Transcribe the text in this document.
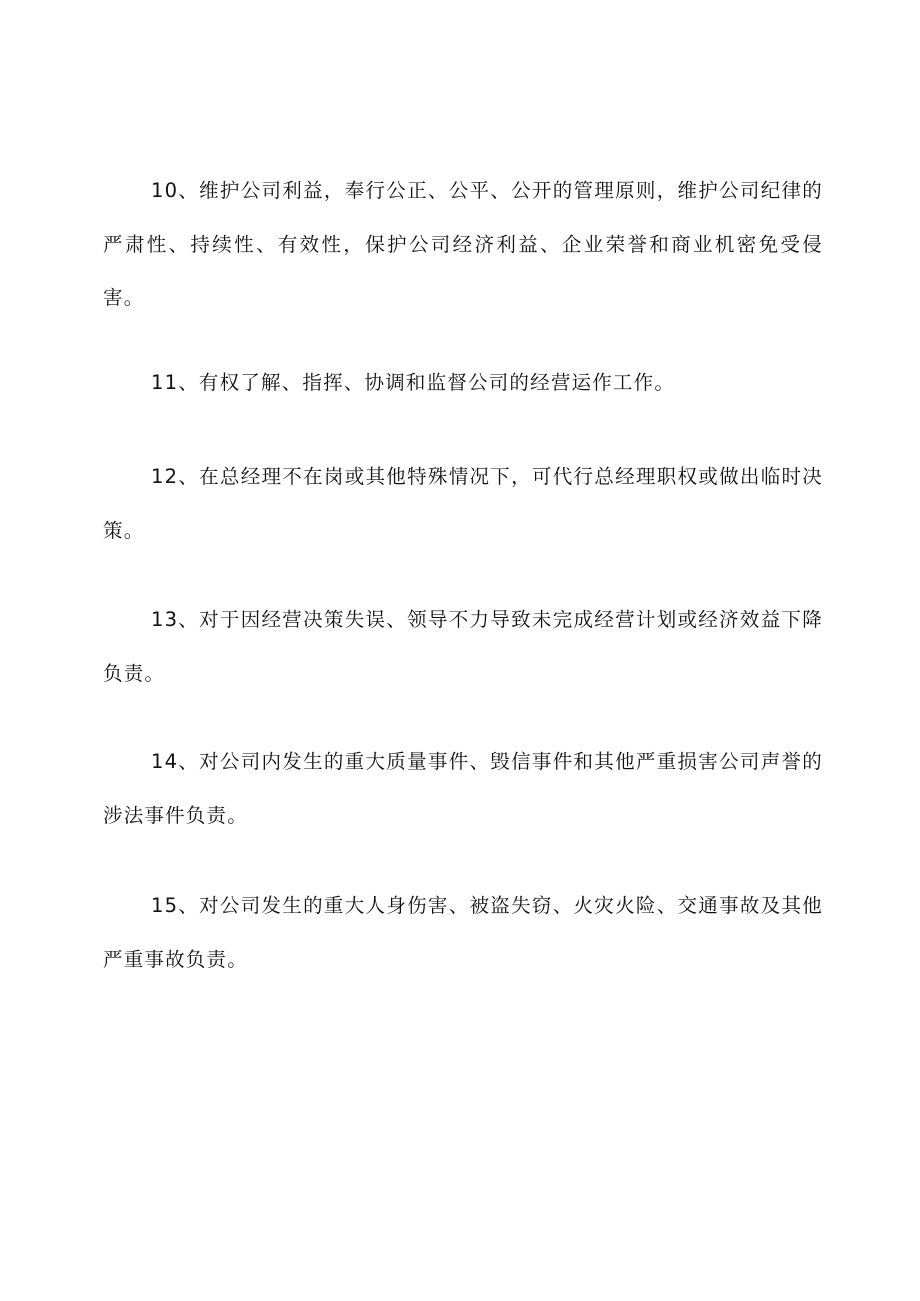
10、维护公司利益，奉行公正、公平、公开的管理原则，维护公司纪律的严肃性、持续性、有效性，保护公司经济利益、企业荣誉和商业机密免受侵害。

11、有权了解、指挥、协调和监督公司的经营运作工作。

12、在总经理不在岗或其他特殊情况下，可代行总经理职权或做出临时决策。

13、对于因经营决策失误、领导不力导致未完成经营计划或经济效益下降负责。

14、对公司内发生的重大质量事件、毁信事件和其他严重损害公司声誉的涉法事件负责。

15、对公司发生的重大人身伤害、被盗失窃、火灾火险、交通事故及其他严重事故负责。
